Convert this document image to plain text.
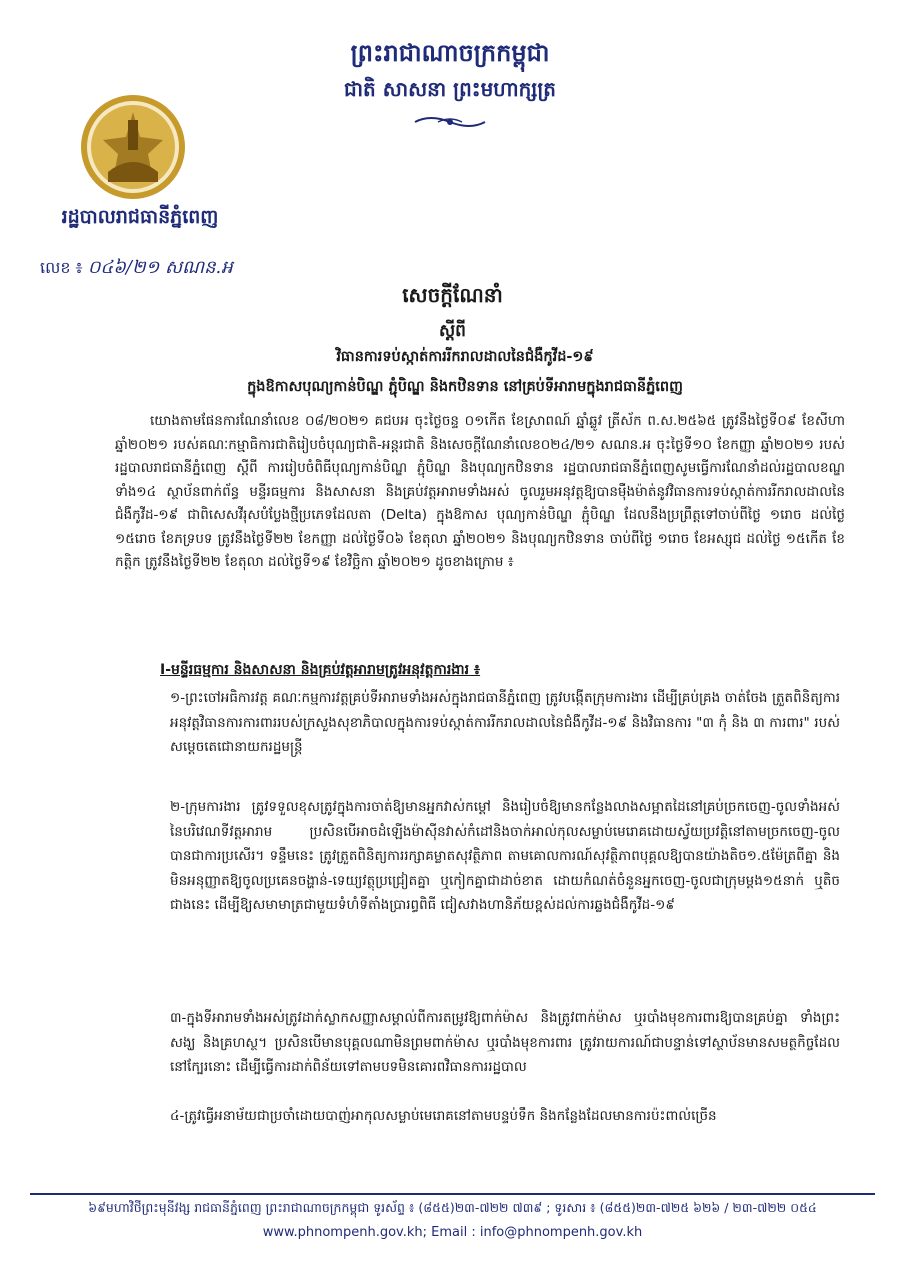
ព្រះរាជាណាចក្រកម្ពុជា
ជាតិ សាសនា ព្រះមហាក្សត្រ
រដ្ឋបាលរាជធានីភ្នំពេញ
លេខ ៖ ០៤៦/២១ សណន.អ
សេចក្តីណែនាំ
ស្តីពី
វិធានការទប់ស្កាត់ការរីករាលដាលនៃជំងឺកូវីដ-១៩
ក្នុងឱកាសបុណ្យកាន់បិណ្ឌ ភ្ជុំបិណ្ឌ និងកឋិនទាន នៅគ្រប់ទីអារាមក្នុងរាជធានីភ្នំពេញ
យោងតាមផែនការណែនាំលេខ ០៨/២០២១ គជបអ ចុះថ្ងៃចន្ទ ០១កើត ខែស្រាពណ៍ ឆ្នាំឆ្លូវ ត្រីស័ក ព.ស.២៥៦៥ ត្រូវនឹងថ្ងៃទី០៩ ខែសីហា ឆ្នាំ២០២១ របស់គណៈកម្មាធិការជាតិរៀបចំបុណ្យជាតិ-អន្តរជាតិ និងសេចក្តីណែនាំលេខ០២៤/២១ សណន.អ ចុះថ្ងៃទី១០ ខែកញ្ញា ឆ្នាំ២០២១ របស់រដ្ឋបាលរាជធានីភ្នំពេញ ស្តីពី ការរៀបចំពិធីបុណ្យកាន់បិណ្ឌ ភ្ជុំបិណ្ឌ និងបុណ្យកឋិនទាន រដ្ឋបាលរាជធានីភ្នំពេញសូមធ្វើការណែនាំដល់រដ្ឋបាលខណ្ឌទាំង១៤ ស្ថាប័នពាក់ព័ន្ធ មន្ទីរធម្មការ និងសាសនា និងគ្រប់វត្តអារាមទាំងអស់ ចូលរួមអនុវត្តឱ្យបានម៉ឺងម៉ាត់នូវវិធានការទប់ស្កាត់ការរីករាលដាលនៃជំងឺកូវីដ-១៩ ជាពិសេសវីរុសបំប្លែងថ្មីប្រភេទដែលតា (Delta) ក្នុងឱកាស បុណ្យកាន់បិណ្ឌ ភ្ជុំបិណ្ឌ ដែលនឹងប្រព្រឹត្តទៅចាប់ពីថ្ងៃ ១រោច ដល់ថ្ងៃ ១៥រោច ខែភទ្របទ ត្រូវនឹងថ្ងៃទី២២ ខែកញ្ញា ដល់ថ្ងៃទី០៦ ខែតុលា ឆ្នាំ២០២១ និងបុណ្យកឋិនទាន ចាប់ពីថ្ងៃ ១រោច ខែអស្សុជ ដល់ថ្ងៃ ១៥កើត ខែកត្តិក ត្រូវនឹងថ្ងៃទី២២ ខែតុលា ដល់ថ្ងៃទី១៩ ខែវិច្ឆិកា ឆ្នាំ២០២១ ដូចខាងក្រោម ៖
I-មន្ទីរធម្មការ និងសាសនា និងគ្រប់វត្តអារាមត្រូវអនុវត្តការងារ ៖
១-ព្រះចៅអធិការវត្ត គណៈកម្មការវត្តគ្រប់ទីអារាមទាំងអស់ក្នុងរាជធានីភ្នំពេញ ត្រូវបង្កើតក្រុមការងារ ដើម្បីគ្រប់គ្រង ចាត់ចែង ត្រួតពិនិត្យការអនុវត្តវិធានការការពាររបស់ក្រសួងសុខាភិបាលក្នុងការទប់ស្កាត់ការរីករាលដាលនៃជំងឺកូវីដ-១៩ និងវិធានការ "៣ កុំ និង ៣ ការពារ" របស់សម្តេចតេជោនាយករដ្ឋមន្ត្រី
២-ក្រុមការងារ ត្រូវទទួលខុសត្រូវក្នុងការចាត់ឱ្យមានអ្នកវាស់កម្តៅ និងរៀបចំឱ្យមានកន្លែងលាងសម្អាតដៃនៅគ្រប់ច្រកចេញ-ចូលទាំងអស់ នៃបរិវេណទីវត្តអារាម ប្រសិនបើអាចដំឡើងម៉ាស៊ីនវាស់កំដៅនិងចាក់អាល់កុលសម្លាប់មេរោគដោយស្វ័យប្រវត្តិនៅតាមច្រកចេញ-ចូលបានជាការប្រសើរ។ ទន្ទឹមនេះ ត្រូវត្រួតពិនិត្យការរក្សាគម្លាតសុវត្ថិភាព តាមគោលការណ៍សុវត្ថិភាពបុគ្គលឱ្យបានយ៉ាងតិច១.៥ម៉ែត្រពីគ្នា និងមិនអនុញ្ញាតឱ្យចូលប្រគេនចង្ហាន់-ទេយ្យវត្ថុប្រជ្រៀតគ្នា ឬកៀកគ្នាជាដាច់ខាត ដោយកំណត់ចំនួនអ្នកចេញ-ចូលជាក្រុមម្តង១៥នាក់ ឬតិចជាងនេះ ដើម្បីឱ្យសមាមាត្រជាមួយទំហំទីតាំងប្រារព្ធពិធី ជៀសវាងហានិភ័យខ្ពស់ដល់ការឆ្លងជំងឺកូវីដ-១៩
៣-ក្នុងទីអារាមទាំងអស់ត្រូវដាក់ស្លាកសញ្ញាសម្គាល់ពីការតម្រូវឱ្យពាក់ម៉ាស និងត្រូវពាក់ម៉ាស ឬរបាំងមុខការពារឱ្យបានគ្រប់គ្នា ទាំងព្រះសង្ឃ និងគ្រហស្ថ។ ប្រសិនបើមានបុគ្គលណាមិនព្រមពាក់ម៉ាស ឬរបាំងមុខការពារ ត្រូវរាយការណ៍ជាបន្ទាន់ទៅស្ថាប័នមានសមត្ថកិច្ចដែលនៅក្បែរនោះ ដើម្បីធ្វើការដាក់ពិន័យទៅតាមបទមិនគោរពវិធានការរដ្ឋបាល
៤-ត្រូវធ្វើអនាម័យជាប្រចាំដោយបាញ់អាកុលសម្លាប់មេរោគនៅតាមបន្ទប់ទឹក និងកន្លែងដែលមានការប៉ះពាល់ច្រើន
៦៩មហាវិថីព្រះមុនីវង្ស រាជធានីភ្នំពេញ ព្រះរាជាណាចក្រកម្ពុជា ទូរស័ព្ទ ៖ (៨៥៥)២៣-៧២២ ៧៣៩ ; ទូរសារ ៖ (៨៥៥)២៣-៧២៥ ៦២៦ / ២៣-៧២២ ០៥៤
www.phnompenh.gov.kh; Email : info@phnompenh.gov.kh
